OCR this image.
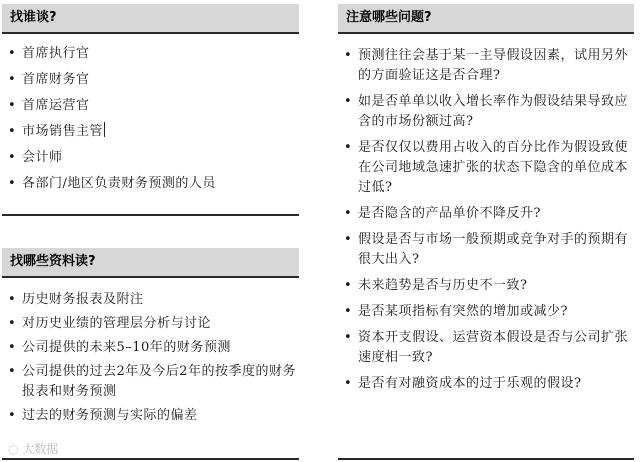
找谁谈?
• 首席执行官
• 首席财务官
• 首席运营官
• 市场销售主管
• 会计师
• 各部门/地区负责财务预测的人员
找哪些资料读?
• 历史财务报表及附注
• 对历史业绩的管理层分析与讨论
• 公司提供的未来5–10年的财务预测
• 公司提供的过去2年及今后2年的按季度的财务报表和财务预测
• 过去的财务预测与实际的偏差
注意哪些问题?
• 预测往往会基于某一主导假设因素，试用另外的方面验证这是否合理?
• 如是否单单以收入增长率作为假设结果导致应含的市场份额过高?
• 是否仅仅以费用占收入的百分比作为假设致使在公司地域急速扩张的状态下隐含的单位成本过低?
• 是否隐含的产品单价不降反升?
• 假设是否与市场一般预期或竞争对手的预期有很大出入?
• 未来趋势是否与历史不一致?
• 是否某项指标有突然的增加或减少?
• 资本开支假设、运营资本假设是否与公司扩张速度相一致?
• 是否有对融资成本的过于乐观的假设?
◌ 大数据
